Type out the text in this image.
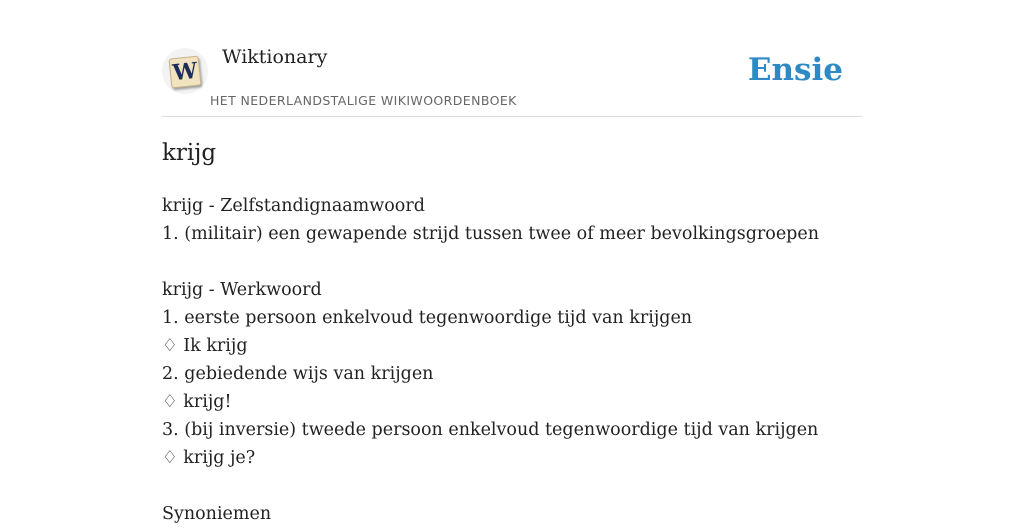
W
Wiktionary
HET NEDERLANDSTALIGE WIKIWOORDENBOEK
Ensie
krijg
krijg - Zelfstandignaamwoord
1. (militair) een gewapende strijd tussen twee of meer bevolkingsgroepen
krijg - Werkwoord
1. eerste persoon enkelvoud tegenwoordige tijd van krijgen
♢ Ik krijg
2. gebiedende wijs van krijgen
♢ krijg!
3. (bij inversie) tweede persoon enkelvoud tegenwoordige tijd van krijgen
♢ krijg je?
Synoniemen
